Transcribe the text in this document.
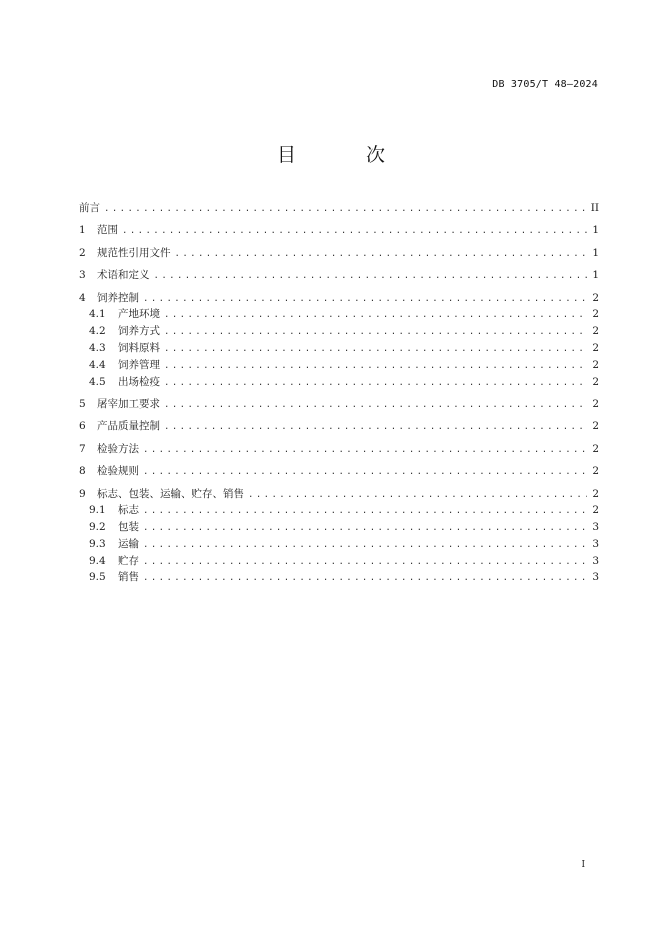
DB 3705/T 48—2024
目 次
前言 .....	II
1	范围 .....	1
2	规范性引用文件 .....	1
3	术语和定义 .....	1
4	饲养控制 .....	2
4.1	产地环境 .....	2
4.2	饲养方式 .....	2
4.3	饲料原料 .....	2
4.4	饲养管理 .....	2
4.5	出场检疫 .....	2
5	屠宰加工要求 .....	2
6	产品质量控制 .....	2
7	检验方法 .....	2
8	检验规则 .....	2
9	标志、包装、运输、贮存、销售 .....	2
9.1	标志 .....	2
9.2	包装 .....	3
9.3	运输 .....	3
9.4	贮存 .....	3
9.5	销售 .....	3
I
